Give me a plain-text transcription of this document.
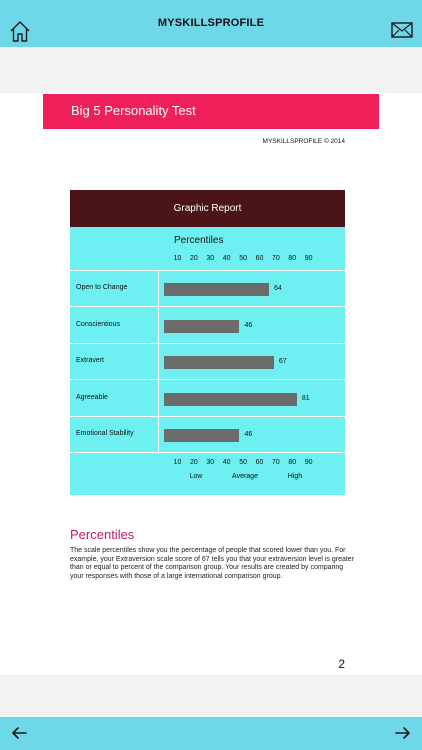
MYSKILLSPROFILE
Big 5 Personality Test
MYSKILLSPROFILE © 2014
Graphic Report
Percentiles
10 20 30 40 50 60 70 80 90
Open to Change	64
Conscientious	46
Extravert	67
Agreeable	81
Emotional Stability	46
10 20 30 40 50 60 70 80 90
Low	Average	High
Percentiles
The scale percentiles show you the percentage of people that scored lower than you. For example, your Extraversion scale score of 67 tells you that your extraversion level is greater than or equal to percent of the comparison group. Your results are created by comparing your responses with those of a large international comparison group.
2
